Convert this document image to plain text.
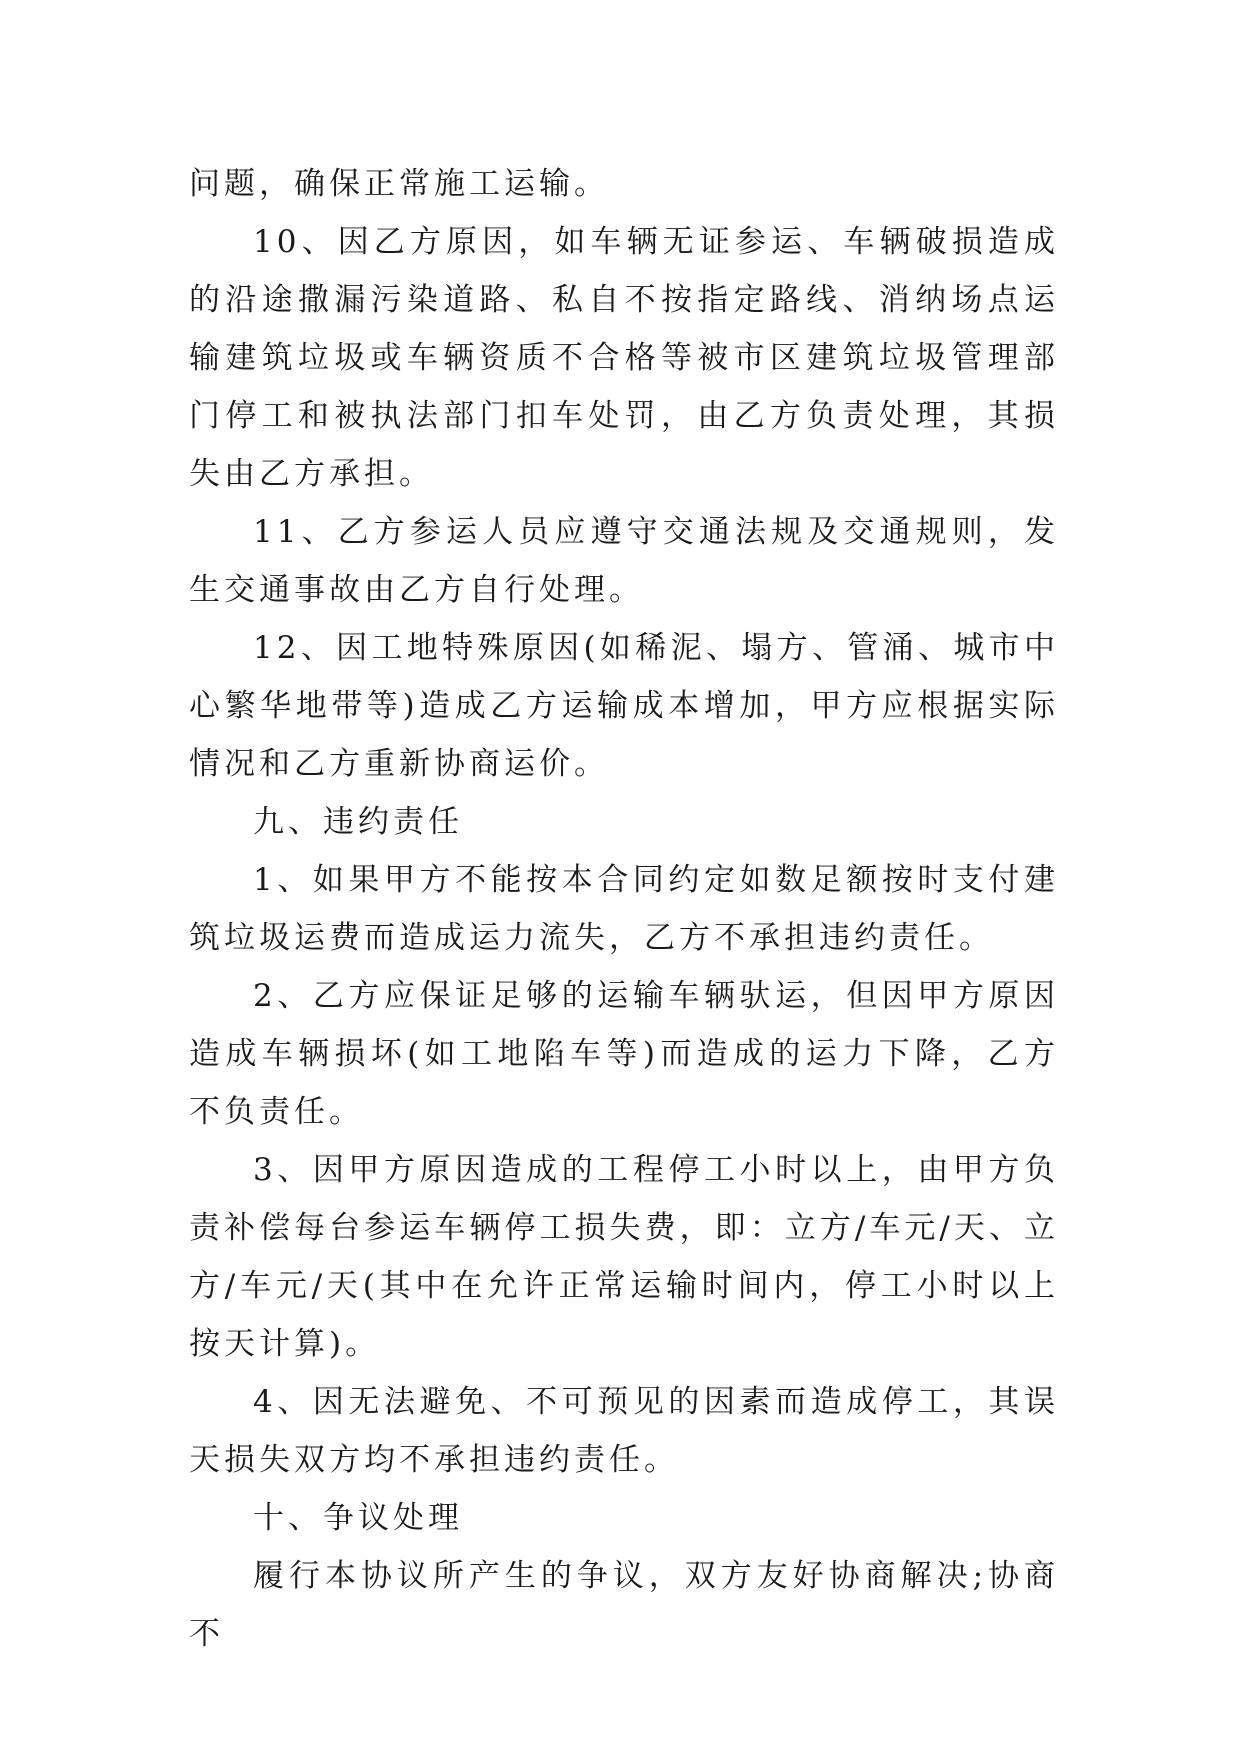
问题，确保正常施工运输。

10、因乙方原因，如车辆无证参运、车辆破损造成的沿途撒漏污染道路、私自不按指定路线、消纳场点运输建筑垃圾或车辆资质不合格等被市区建筑垃圾管理部门停工和被执法部门扣车处罚，由乙方负责处理，其损失由乙方承担。

11、乙方参运人员应遵守交通法规及交通规则，发生交通事故由乙方自行处理。

12、因工地特殊原因(如稀泥、塌方、管涌、城市中心繁华地带等)造成乙方运输成本增加，甲方应根据实际情况和乙方重新协商运价。

九、违约责任

1、如果甲方不能按本合同约定如数足额按时支付建筑垃圾运费而造成运力流失，乙方不承担违约责任。

2、乙方应保证足够的运输车辆驮运，但因甲方原因造成车辆损坏(如工地陷车等)而造成的运力下降，乙方不负责任。

3、因甲方原因造成的工程停工小时以上，由甲方负责补偿每台参运车辆停工损失费，即：立方/车元/天、立方/车元/天(其中在允许正常运输时间内，停工小时以上按天计算)。

4、因无法避免、不可预见的因素而造成停工，其误天损失双方均不承担违约责任。

十、争议处理

履行本协议所产生的争议，双方友好协商解决;协商不
